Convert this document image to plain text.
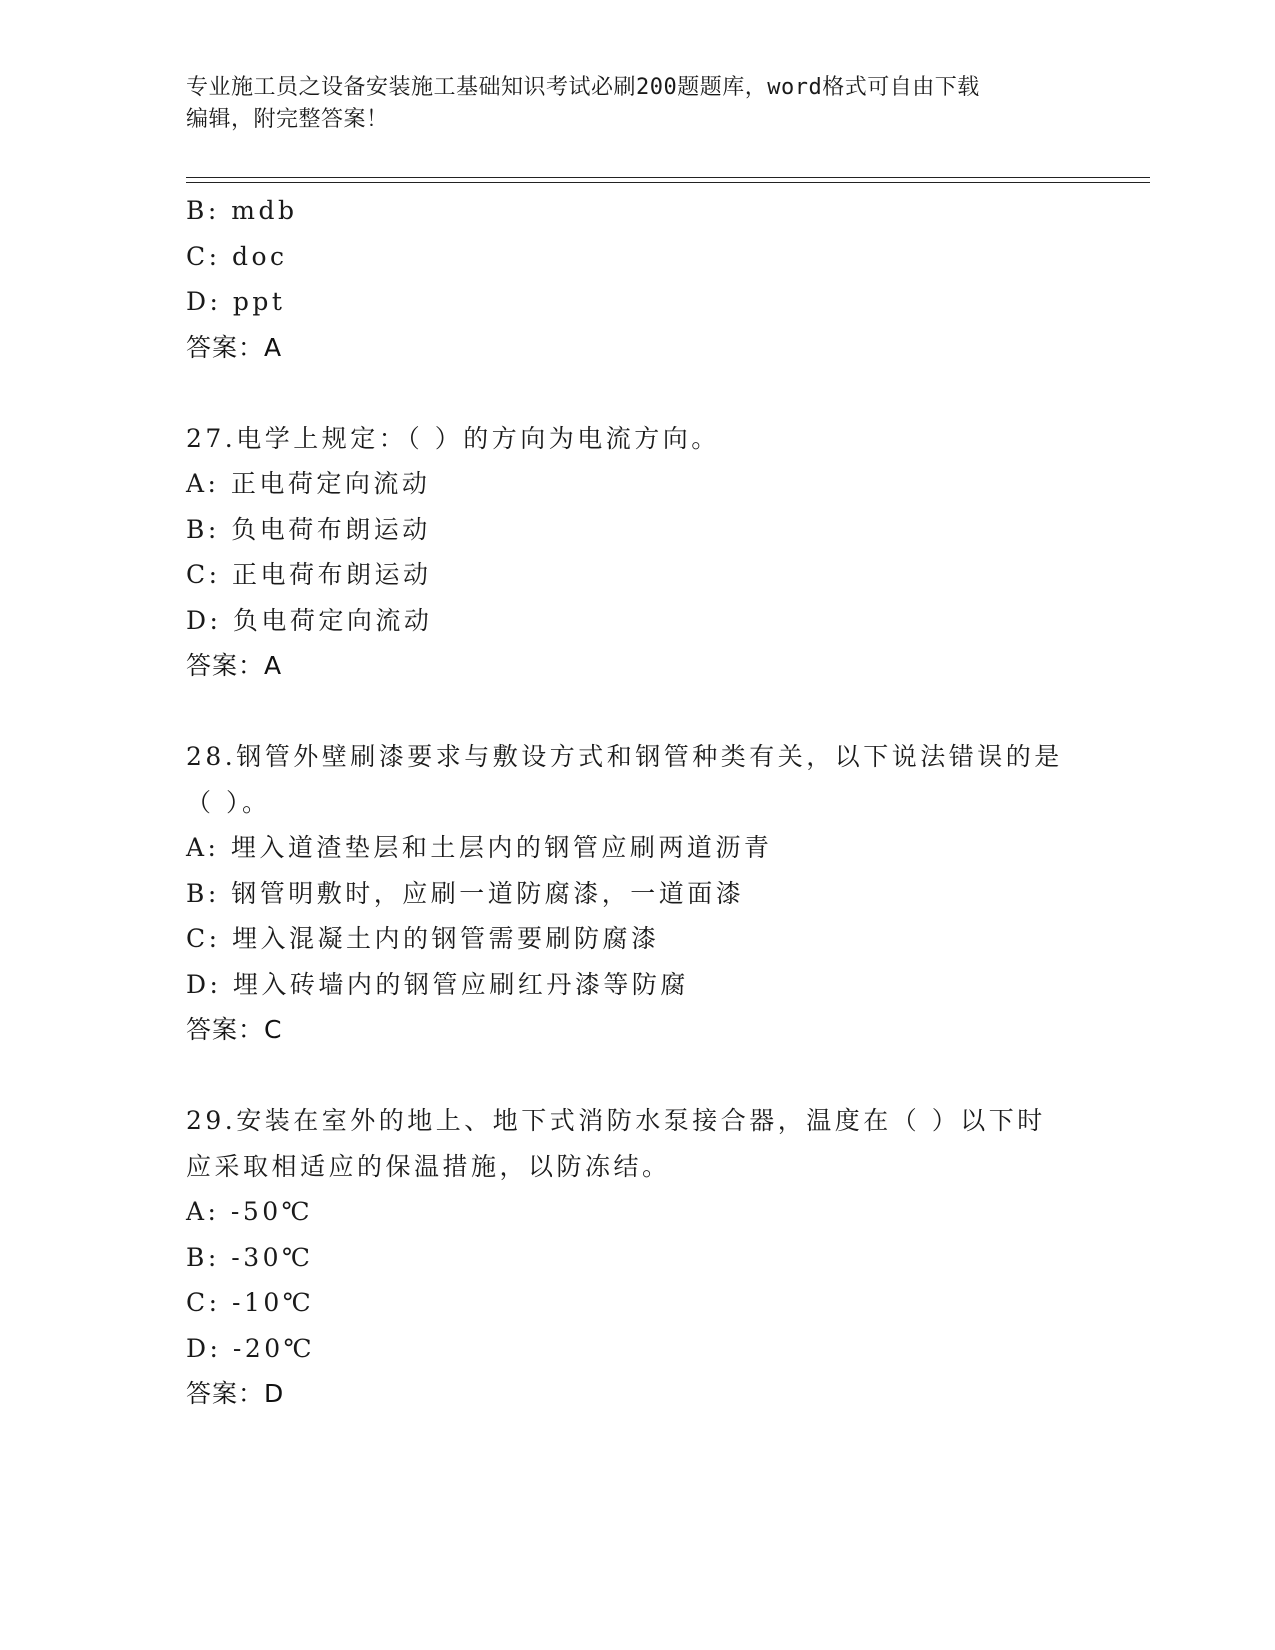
专业施工员之设备安装施工基础知识考试必刷200题题库，word格式可自由下载
编辑，附完整答案！
B: mdb
C: doc
D: ppt
答案：A
27.电学上规定：（ ）的方向为电流方向。
A: 正电荷定向流动
B: 负电荷布朗运动
C: 正电荷布朗运动
D: 负电荷定向流动
答案：A
28.钢管外壁刷漆要求与敷设方式和钢管种类有关，以下说法错误的是
（ ）。
A: 埋入道渣垫层和土层内的钢管应刷两道沥青
B: 钢管明敷时，应刷一道防腐漆，一道面漆
C: 埋入混凝土内的钢管需要刷防腐漆
D: 埋入砖墙内的钢管应刷红丹漆等防腐
答案：C
29.安装在室外的地上、地下式消防水泵接合器，温度在（ ）以下时
应采取相适应的保温措施，以防冻结。
A: -50℃
B: -30℃
C: -10℃
D: -20℃
答案：D
